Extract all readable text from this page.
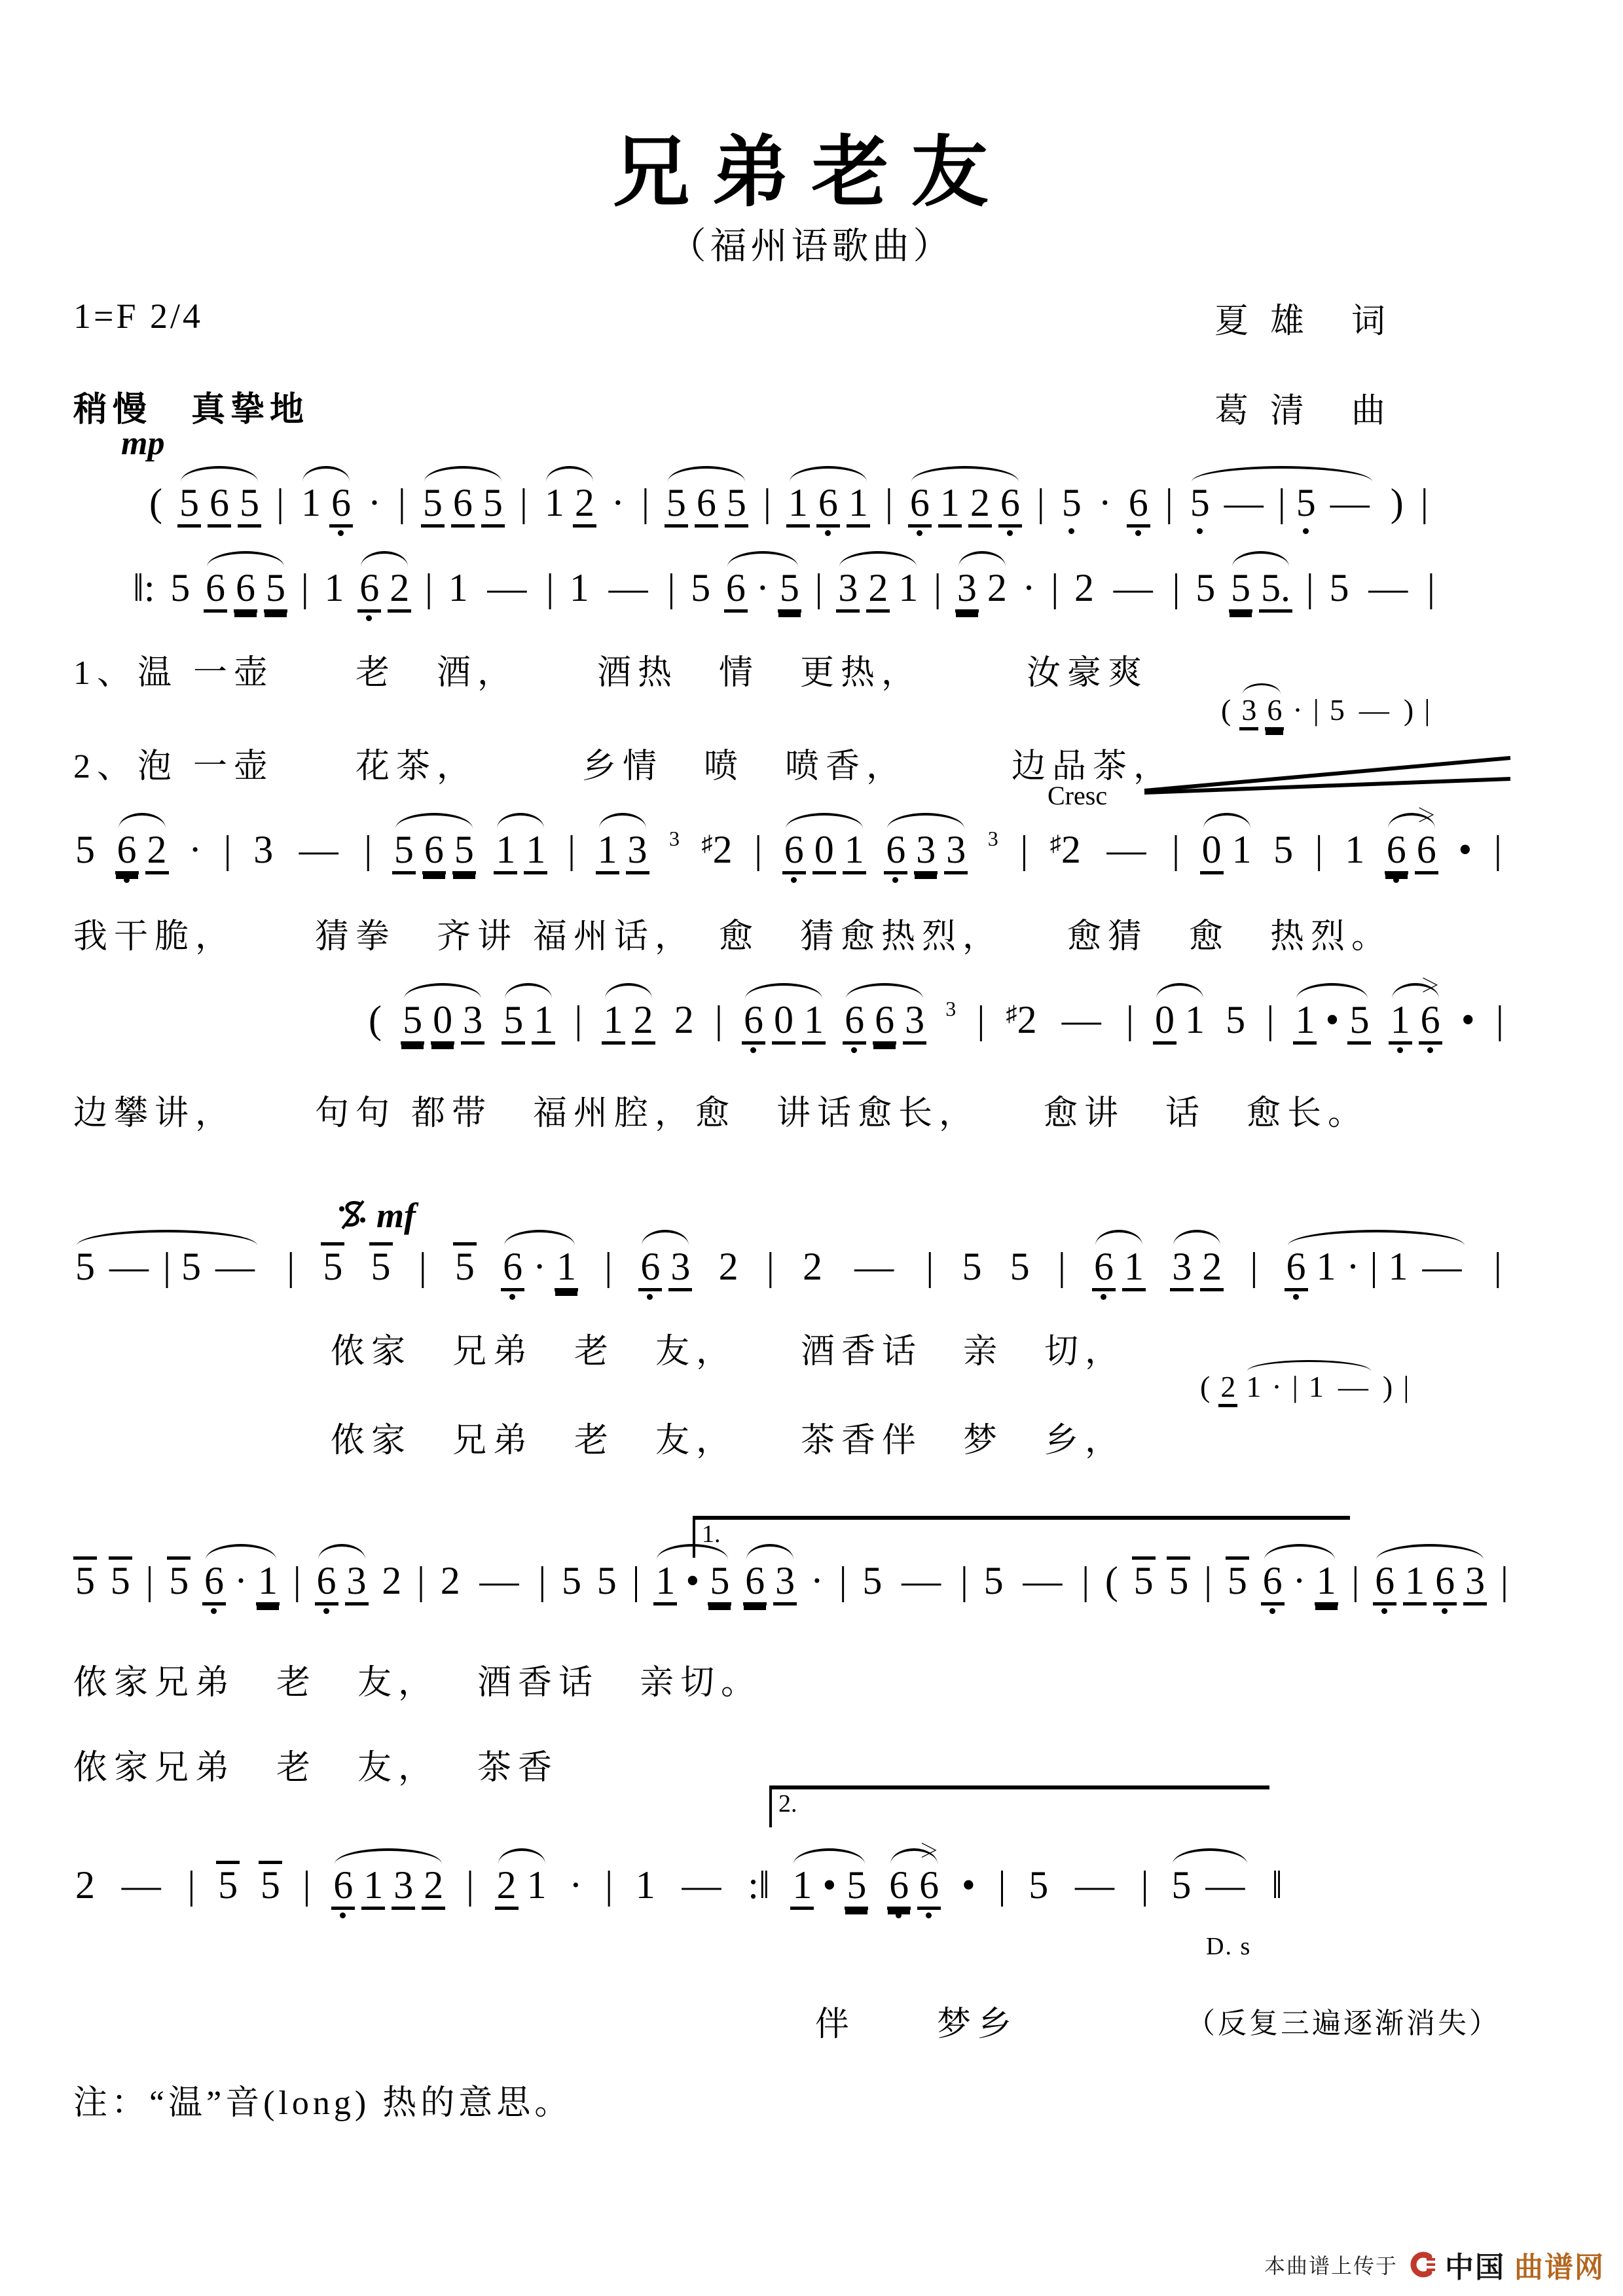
兄弟老友
（福州语歌曲）
1=F 2/4	夏 雄　词
葛 清　曲
稍慢　真挚地
mp
( 5 6 5 | 1 6 · | 5 6 5 | 1 2 · | 5 6 5 | 1 6 1 | 6 1 2 6 | 5 · 6 | 5 — | 5 — ) |
‖: 5 6 6 5 | 1 6 2 | 1 — | 1 — | 5 6 · 5 | 3 2 1 | 3 2 · | 2 — | 5 5 5. | 5 — |
5 6 2 · | 3 — | 5 6 5 1 1 | 1 3 3 ♯2 | 6 0 1 6 3 3 3 | ♯2 — | 0 1 5 | 1 6 ＞ 6 • |
( 5 0 3 5 1 | 1 2 2 | 6 0 1 6 6 3 3 | ♯2 — | 0 1 5 | 1 • 5 1 ＞ 6 • |
5 — | 5 — | 5 5 | 5 6 · 1 | 6 3 2 | 2 — | 5 5 | 6 1 3 2 | 6 1 · | 1 — |
5 5 | 5 6 · 1 | 6 3 2 | 2 — | 5 5 | 1 • 5 6 3 · | 5 — | 5 — | ( 5 5 | 5 6 · 1 | 6 1 6 3 |
2 — | 5 5 | 6 1 3 2 | 2 1 · | 1 — :‖ 1 • 5 6 ＞ 6 • | 5 — | 5 — ‖
( 3 6 · | 5 — ) |
( 2 1 · | 1 — ) |
1.
2.
1、温 一壶　　老　酒，　　 酒热　情　更热，　　　汝豪爽
2、泡 一壶　　花茶，　　　乡情　喷　喷香，　　　边品茶，
我干脆，　　 猜拳　齐讲 福州话，　愈　猜愈热烈，　　愈猜　愈　热烈。
边攀讲，　　 句句 都带　福州腔，愈　讲话愈长，　　愈讲　话　愈长。
侬家　兄弟　老　友，　　酒香话　亲　切，
侬家　兄弟　老　友，　　茶香伴　梦　乡，
侬家兄弟　老　友，　 酒香话　亲切。
侬家兄弟　老　友，　 茶香
伴　　梦乡	（反复三遍逐渐消失）
Cresc
mf
D. s
注：“温”音(long) 热的意思。
本曲谱上传于 中国 曲谱网
